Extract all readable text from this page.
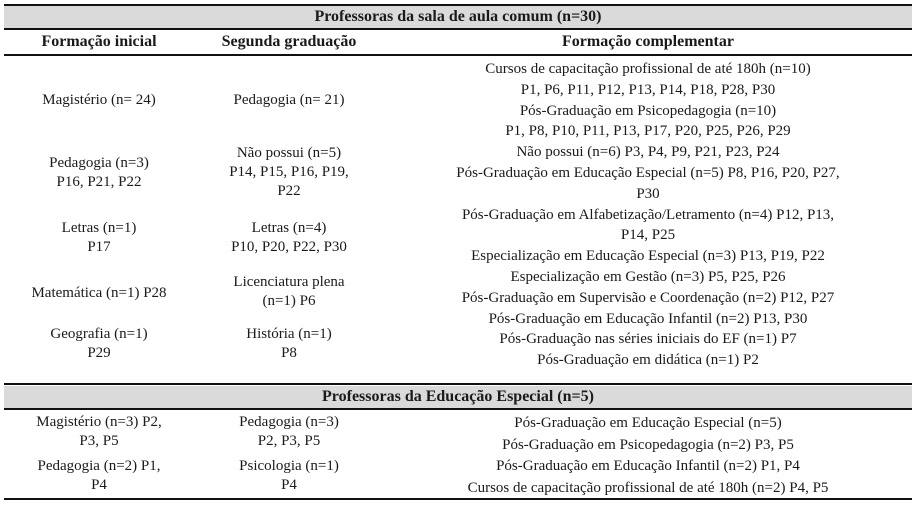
Professoras da sala de aula comum (n=30)
Formação inicial	Segunda graduação	Formação complementar
Magistério (n= 24)
Pedagogia (n=3)
P16, P21, P22
Letras (n=1)
P17
Matemática (n=1) P28
Geografia (n=1)
P29
Pedagogia (n= 21)
Não possui (n=5)
P14, P15, P16, P19,
P22
Letras (n=4)
P10, P20, P22, P30
Licenciatura plena
(n=1) P6
História (n=1)
P8
Cursos de capacitação profissional de até 180h (n=10)
P1, P6, P11, P12, P13, P14, P18, P28, P30
Pós-Graduação em Psicopedagogia (n=10)
P1, P8, P10, P11, P13, P17, P20, P25, P26, P29
Não possui (n=6) P3, P4, P9, P21, P23, P24
Pós-Graduação em Educação Especial (n=5) P8, P16, P20, P27,
P30
Pós-Graduação em Alfabetização/Letramento (n=4) P12, P13,
P14, P25
Especialização em Educação Especial (n=3) P13, P19, P22
Especialização em Gestão (n=3) P5, P25, P26
Pós-Graduação em Supervisão e Coordenação (n=2) P12, P27
Pós-Graduação em Educação Infantil (n=2) P13, P30
Pós-Graduação nas séries iniciais do EF (n=1) P7
Pós-Graduação em didática (n=1) P2
Professoras da Educação Especial (n=5)
Magistério (n=3) P2,
P3, P5
Pedagogia (n=2) P1,
P4
Pedagogia (n=3)
P2, P3, P5
Psicologia (n=1)
P4
Pós-Graduação em Educação Especial (n=5)
Pós-Graduação em Psicopedagogia (n=2) P3, P5
Pós-Graduação em Educação Infantil (n=2) P1, P4
Cursos de capacitação profissional de até 180h (n=2) P4, P5
